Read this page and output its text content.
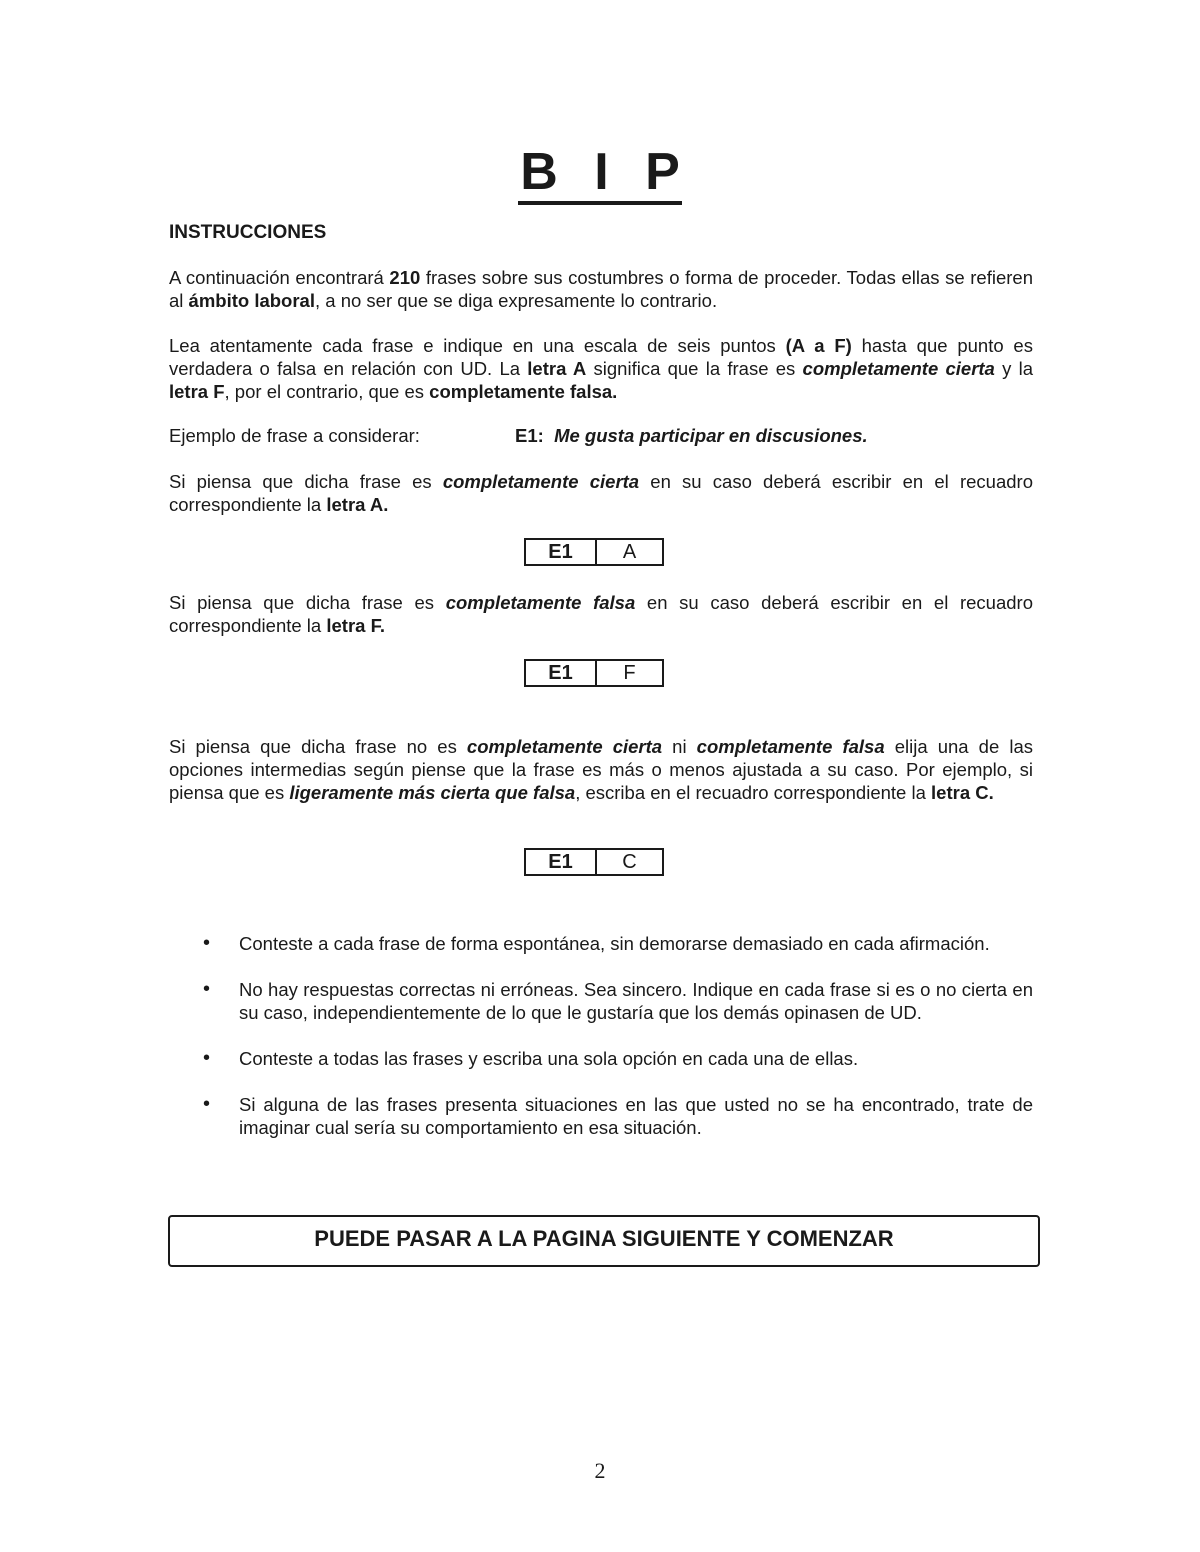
B I P
INSTRUCCIONES

A continuación encontrará 210 frases sobre sus costumbres o forma de proceder. Todas ellas se refieren al ámbito laboral, a no ser que se diga expresamente lo contrario.

Lea atentamente cada frase e indique en una escala de seis puntos (A a F) hasta que punto es verdadera o falsa en relación con UD. La letra A significa que la frase es completamente cierta y la letra F, por el contrario, que es completamente falsa.

Ejemplo de frase a considerar:	E1: Me gusta participar en discusiones.

Si piensa que dicha frase es completamente cierta en su caso deberá escribir en el recuadro correspondiente la letra A.

E1	A

Si piensa que dicha frase es completamente falsa en su caso deberá escribir en el recuadro correspondiente la letra F.

E1	F

Si piensa que dicha frase no es completamente cierta ni completamente falsa elija una de las opciones intermedias según piense que la frase es más o menos ajustada a su caso. Por ejemplo, si piensa que es ligeramente más cierta que falsa, escriba en el recuadro correspondiente la letra C.

E1	C
• Conteste a cada frase de forma espontánea, sin demorarse demasiado en cada afirmación.
• No hay respuestas correctas ni erróneas. Sea sincero. Indique en cada frase si es o no cierta en su caso, independientemente de lo que le gustaría que los demás opinasen de UD.
• Conteste a todas las frases y escriba una sola opción en cada una de ellas.
• Si alguna de las frases presenta situaciones en las que usted no se ha encontrado, trate de imaginar cual sería su comportamiento en esa situación.
PUEDE PASAR A LA PAGINA SIGUIENTE Y COMENZAR
2
